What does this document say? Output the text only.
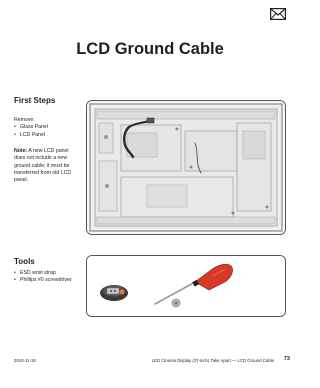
LCD Ground Cable
First Steps
Remove:
• Glass Panel
• LCD Panel

Note: A new LCD panel does not include a new ground cable; it must be transferred from old LCD panel.

Tools
• ESD wrist strap
• Phillips #0 screwdriver
2010-11-18	LED Cinema Display (27-inch) Take Apart — LCD Ground Cable 73
